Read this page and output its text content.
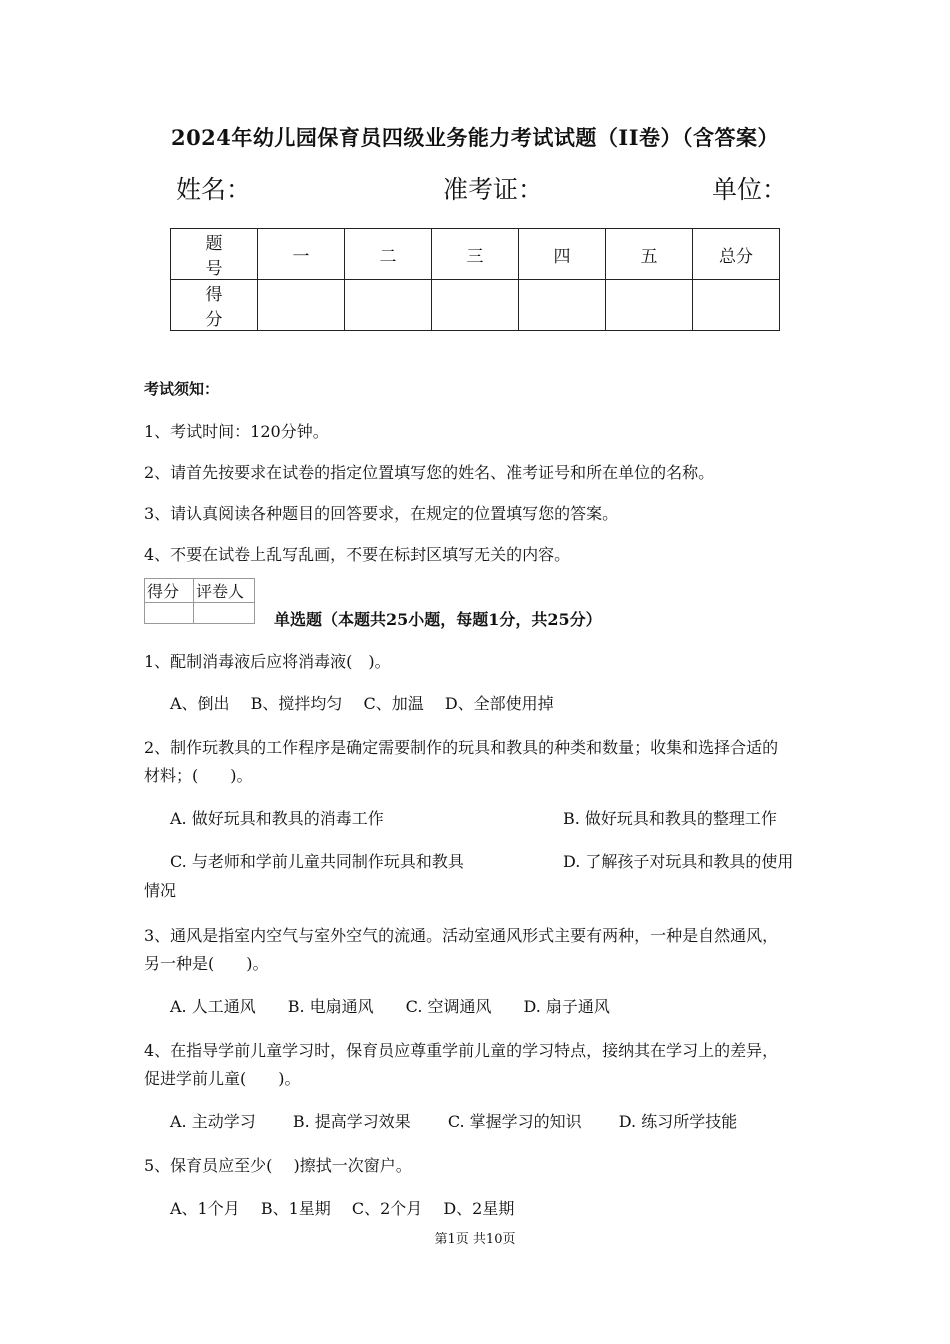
2024年幼儿园保育员四级业务能力考试试题（II卷）（含答案）
姓名：	准考证：	单位：
题号	一	二	三	四	五	总分
得分						
考试须知：
1、考试时间：120分钟。
2、请首先按要求在试卷的指定位置填写您的姓名、准考证号和所在单位的名称。
3、请认真阅读各种题目的回答要求，在规定的位置填写您的答案。
4、不要在试卷上乱写乱画，不要在标封区填写无关的内容。
得分	评卷人

单选题（本题共25小题，每题1分，共25分）
1、配制消毒液后应将消毒液(　)。
A、倒出　 B、搅拌均匀　 C、加温　 D、全部使用掉
2、制作玩教具的工作程序是确定需要制作的玩具和教具的种类和数量；收集和选择合适的
材料；(　　)。
A. 做好玩具和教具的消毒工作	B. 做好玩具和教具的整理工作
C. 与老师和学前儿童共同制作玩具和教具	D. 了解孩子对玩具和教具的使用
情况
3、通风是指室内空气与室外空气的流通。活动室通风形式主要有两种，一种是自然通风，
另一种是(　　)。
A. 人工通风　　B. 电扇通风　　C. 空调通风　　D. 扇子通风
4、在指导学前儿童学习时，保育员应尊重学前儿童的学习特点，接纳其在学习上的差异，
促进学前儿童(　　)。
A. 主动学习　　 B. 提高学习效果　　 C. 掌握学习的知识　　 D. 练习所学技能
5、保育员应至少(　 )擦拭一次窗户。
A、1个月　 B、1星期　 C、2个月　 D、2星期
第1页 共10页
